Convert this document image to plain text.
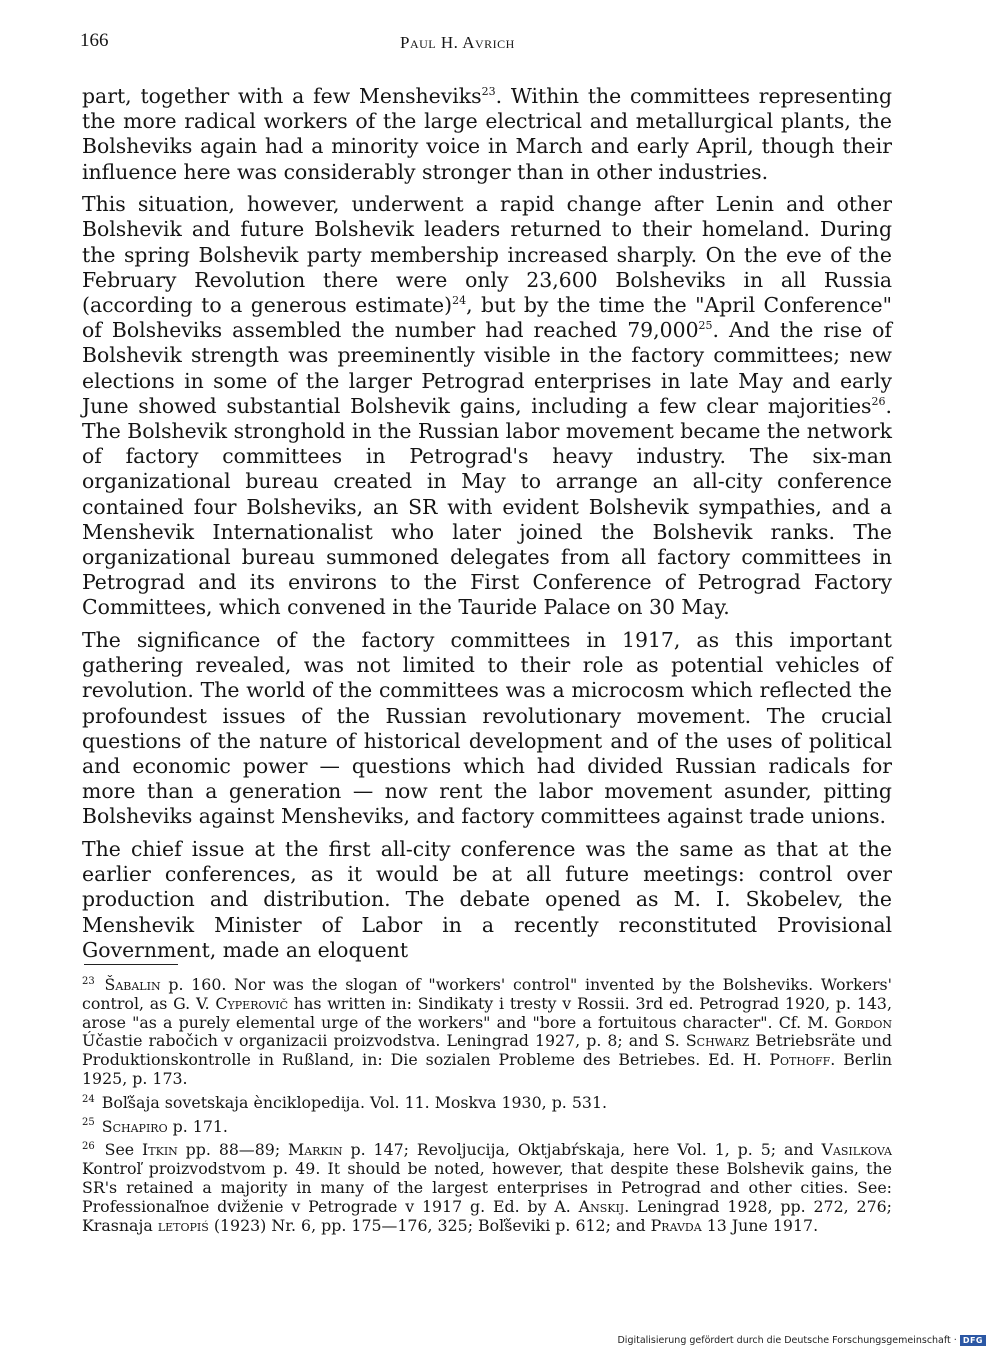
166	Paul H. Avrich

part, together with a few Mensheviks$^{23}$. Within the committees representing the more radical workers of the large electrical and metallurgical plants, the Bolsheviks again had a minority voice in March and early April, though their influence here was considerably stronger than in other industries.

This situation, however, underwent a rapid change after Lenin and other Bolshevik and future Bolshevik leaders returned to their homeland. During the spring Bolshevik party membership increased sharply. On the eve of the February Revolution there were only 23,600 Bolsheviks in all Russia (according to a generous estimate)$^{24}$, but by the time the "April Conference" of Bolsheviks assembled the number had reached 79,000$^{25}$. And the rise of Bolshevik strength was preeminently visible in the factory committees; new elections in some of the larger Petrograd enterprises in late May and early June showed substantial Bolshevik gains, including a few clear majorities$^{26}$. The Bolshevik stronghold in the Russian labor movement became the network of factory committees in Petrograd's heavy industry. The six-man organizational bureau created in May to arrange an all-city conference contained four Bolsheviks, an SR with evident Bolshevik sympathies, and a Menshevik Internationalist who later joined the Bolshevik ranks. The organizational bureau summoned delegates from all factory committees in Petrograd and its environs to the First Conference of Petrograd Factory Committees, which convened in the Tauride Palace on 30 May.

The significance of the factory committees in 1917, as this important gathering revealed, was not limited to their role as potential vehicles of revolution. The world of the committees was a microcosm which reflected the profoundest issues of the Russian revolutionary movement. The crucial questions of the nature of historical development and of the uses of political and economic power — questions which had divided Russian radicals for more than a generation — now rent the labor movement asunder, pitting Bolsheviks against Mensheviks, and factory committees against trade unions.

The chief issue at the first all-city conference was the same as that at the earlier conferences, as it would be at all future meetings: control over production and distribution. The debate opened as M. I. Skobelev, the Menshevik Minister of Labor in a recently reconstituted Provisional Government, made an eloquent

$^{23}$ Šabalin p. 160. Nor was the slogan of "workers' control" invented by the Bolsheviks. Workers' control, as G. V. Cyperovič has written in: Sindikaty i tresty v Rossii. 3rd ed. Petrograd 1920, p. 143, arose "as a purely elemental urge of the workers" and "bore a fortuitous character". Cf. M. Gordon Účastie rabočich v organizacii proizvodstva. Leningrad 1927, p. 8; and S. Schwarz Betriebsräte und Produktionskontrolle in Rußland, in: Die sozialen Probleme des Betriebes. Ed. H. Pothoff. Berlin 1925, p. 173.
$^{24}$ Boľšaja sovetskaja ènciklopedija. Vol. 11. Moskva 1930, p. 531.
$^{25}$ Schapiro p. 171.
$^{26}$ See Itkin pp. 88—89; Markin p. 147; Revoljucija, Oktjabŕskaja, here Vol. 1, p. 5; and Vasilkova Kontroľ proizvodstvom p. 49. It should be noted, however, that despite these Bolshevik gains, the SR's retained a majority in many of the largest enterprises in Petrograd and other cities. See: Professionaľnoe dviženie v Petrograde v 1917 g. Ed. by A. Anskij. Leningrad 1928, pp. 272, 276; Krasnaja letopiś (1923) Nr. 6, pp. 175—176, 325; Boľševiki p. 612; and Pravda 13 June 1917.
Digitalisierung gefördert durch die Deutsche Forschungsgemeinschaft · DFG
